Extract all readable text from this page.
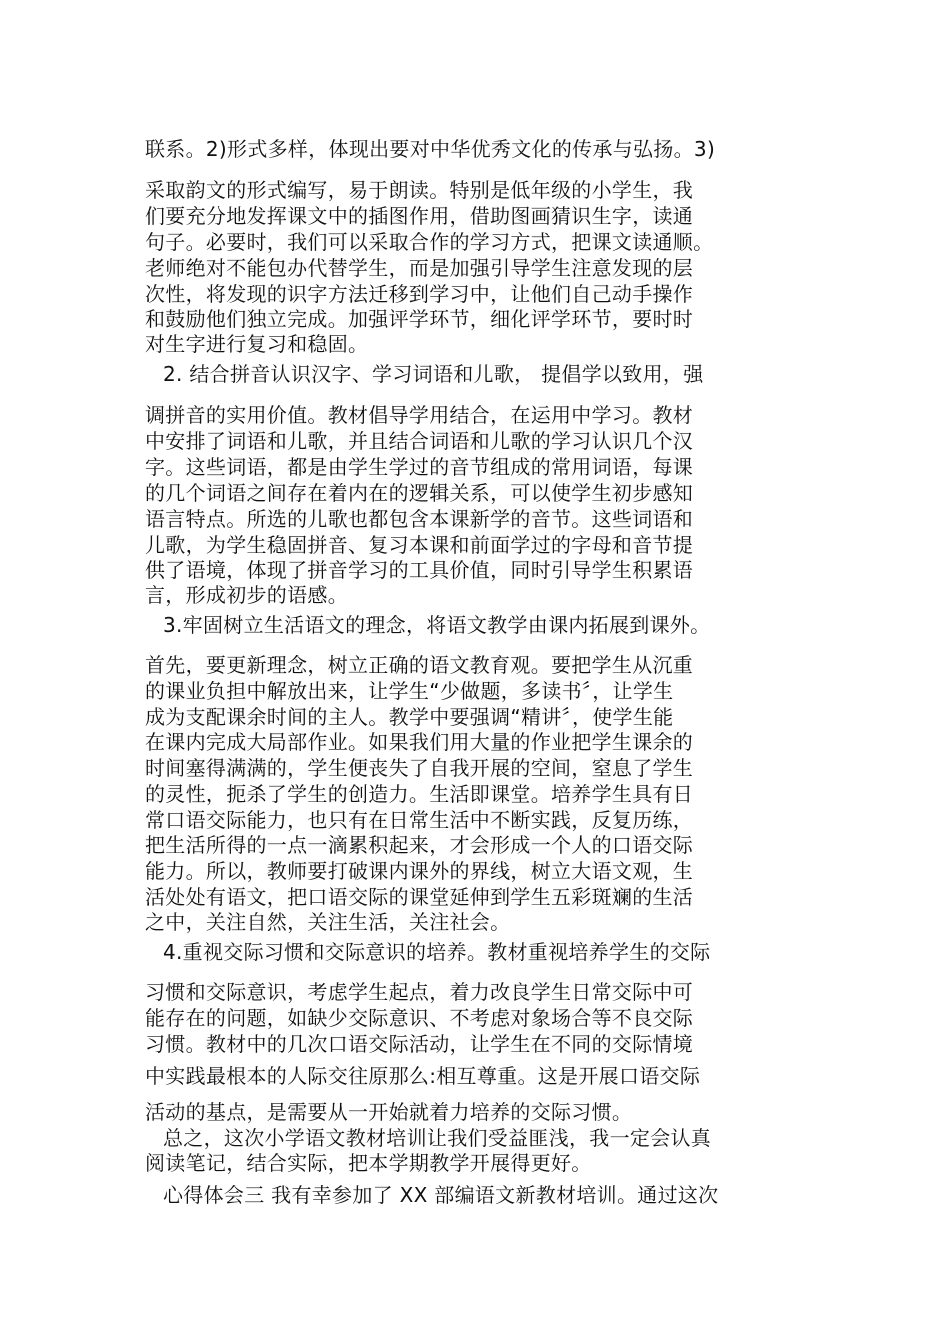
联系。2)形式多样，体现出要对中华优秀文化的传承与弘扬。3)
采取韵文的形式编写，易于朗读。特别是低年级的小学生，我
们要充分地发挥课文中的插图作用，借助图画猜识生字，读通
句子。必要时，我们可以采取合作的学习方式，把课文读通顺。
老师绝对不能包办代替学生，而是加强引导学生注意发现的层
次性，将发现的识字方法迁移到学习中，让他们自己动手操作
和鼓励他们独立完成。加强评学环节，细化评学环节，要时时
对生字进行复习和稳固。
2. 结合拼音认识汉字、学习词语和儿歌， 提倡学以致用，强
调拼音的实用价值。教材倡导学用结合，在运用中学习。教材
中安排了词语和儿歌，并且结合词语和儿歌的学习认识几个汉
字。这些词语，都是由学生学过的音节组成的常用词语，每课
的几个词语之间存在着内在的逻辑关系，可以使学生初步感知
语言特点。所选的儿歌也都包含本课新学的音节。这些词语和
儿歌，为学生稳固拼音、复习本课和前面学过的字母和音节提
供了语境，体现了拼音学习的工具价值，同时引导学生积累语
言，形成初步的语感。
3.牢固树立生活语文的理念，将语文教学由课内拓展到课外。
首先，要更新理念，树立正确的语文教育观。要把学生从沉重
的课业负担中解放出来，让学生“少做题，多读书〞，让学生
成为支配课余时间的主人。教学中要强调“精讲〞，使学生能
在课内完成大局部作业。如果我们用大量的作业把学生课余的
时间塞得满满的，学生便丧失了自我开展的空间，窒息了学生
的灵性，扼杀了学生的创造力。生活即课堂。培养学生具有日
常口语交际能力，也只有在日常生活中不断实践，反复历练，
把生活所得的一点一滴累积起来，才会形成一个人的口语交际
能力。所以，教师要打破课内课外的界线，树立大语文观，生
活处处有语文，把口语交际的课堂延伸到学生五彩斑斓的生活
之中，关注自然，关注生活，关注社会。
4.重视交际习惯和交际意识的培养。教材重视培养学生的交际
习惯和交际意识，考虑学生起点，着力改良学生日常交际中可
能存在的问题，如缺少交际意识、不考虑对象场合等不良交际
习惯。教材中的几次口语交际活动，让学生在不同的交际情境
中实践最根本的人际交往原那么:相互尊重。这是开展口语交际
活动的基点，是需要从一开始就着力培养的交际习惯。
总之，这次小学语文教材培训让我们受益匪浅，我一定会认真
阅读笔记，结合实际，把本学期教学开展得更好。
心得体会三 我有幸参加了 XX 部编语文新教材培训。通过这次
